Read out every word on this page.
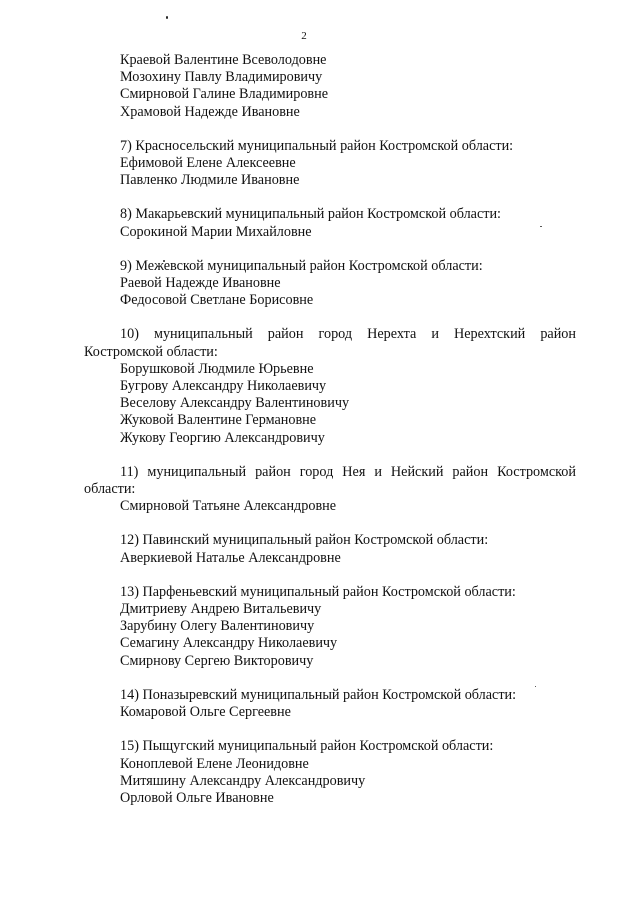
2
Краевой Валентине Всеволодовне
Мозохину Павлу Владимировичу
Смирновой Галине Владимировне
Храмовой Надежде Ивановне
7) Красносельский муниципальный район Костромской области:
Ефимовой Елене Алексеевне
Павленко Людмиле Ивановне
8) Макарьевский муниципальный район Костромской области:
Сорокиной Марии Михайловне
9) Межевской муниципальный район Костромской области:
Раевой Надежде Ивановне
Федосовой Светлане Борисовне
10) муниципальный район город Нерехта и Нерехтский район Костромской области:
Борушковой Людмиле Юрьевне
Бугрову Александру Николаевичу
Веселову Александру Валентиновичу
Жуковой Валентине Германовне
Жукову Георгию Александровичу
11) муниципальный район город Нея и Нейский район Костромской области:
Смирновой Татьяне Александровне
12) Павинский муниципальный район Костромской области:
Аверкиевой Наталье Александровне
13) Парфеньевский муниципальный район Костромской области:
Дмитриеву Андрею Витальевичу
Зарубину Олегу Валентиновичу
Семагину Александру Николаевичу
Смирнову Сергею Викторовичу
14) Поназыревский муниципальный район Костромской области:
Комаровой Ольге Сергеевне
15) Пыщугский муниципальный район Костромской области:
Коноплевой Елене Леонидовне
Митяшину Александру Александровичу
Орловой Ольге Ивановне
